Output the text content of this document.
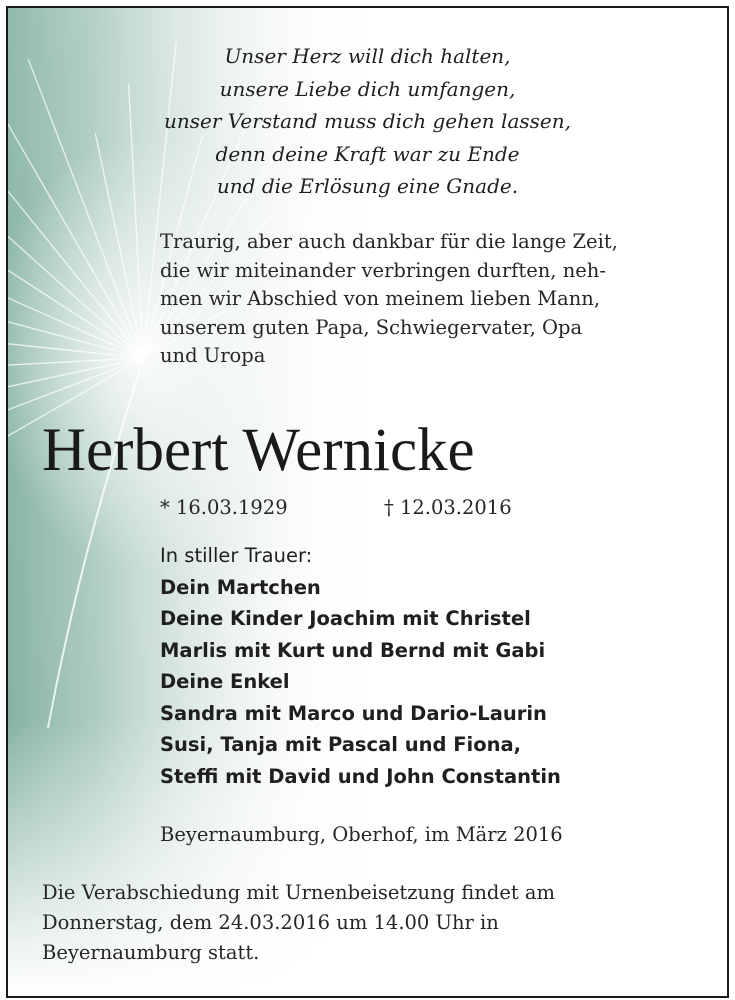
Unser Herz will dich halten,
unsere Liebe dich umfangen,
unser Verstand muss dich gehen lassen,
denn deine Kraft war zu Ende
und die Erlösung eine Gnade.
Traurig, aber auch dankbar für die lange Zeit,
die wir miteinander verbringen durften, neh-
men wir Abschied von meinem lieben Mann,
unserem guten Papa, Schwiegervater, Opa
und Uropa
Herbert Wernicke
* 16.03.1929	† 12.03.2016
In stiller Trauer:
Dein Martchen
Deine Kinder Joachim mit Christel
Marlis mit Kurt und Bernd mit Gabi
Deine Enkel
Sandra mit Marco und Dario-Laurin
Susi, Tanja mit Pascal und Fiona,
Steffi mit David und John Constantin
Beyernaumburg, Oberhof, im März 2016
Die Verabschiedung mit Urnenbeisetzung findet am
Donnerstag, dem 24.03.2016 um 14.00 Uhr in
Beyernaumburg statt.
